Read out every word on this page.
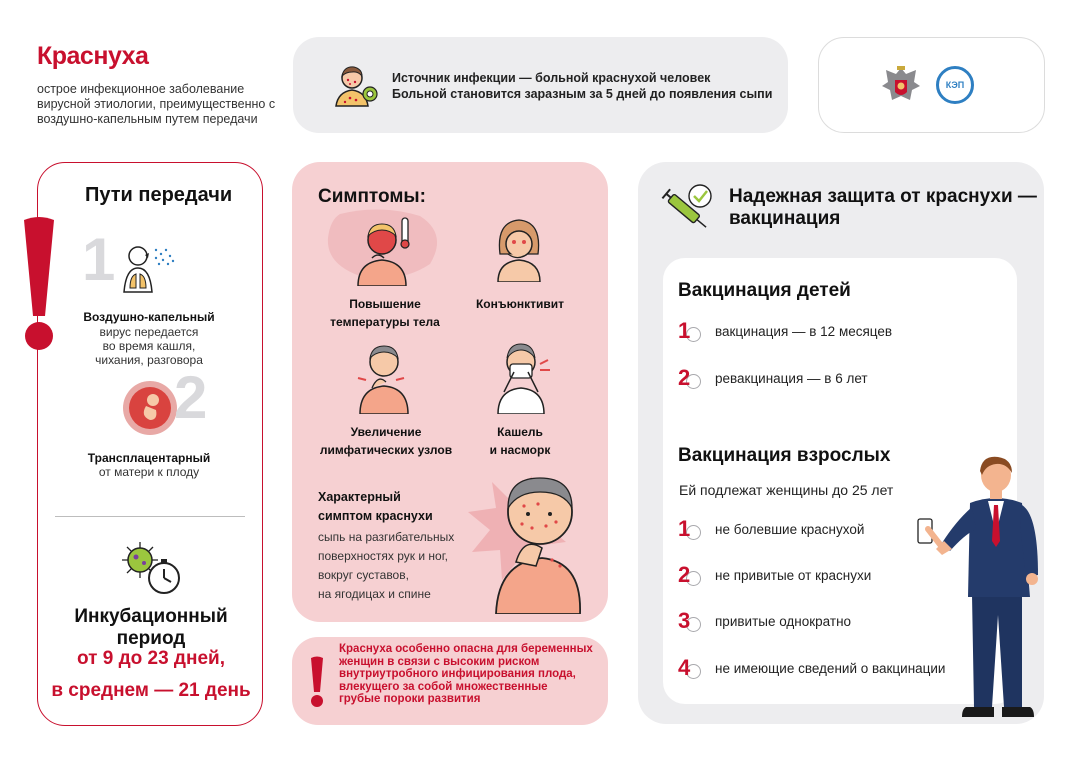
Краснуха
острое инфекционное заболевание вирусной этиологии, преимущественно с воздушно-капельным путем передачи
Источник инфекции — больной краснухой человек
Больной становится заразным за 5 дней до появления сыпи
КЭП
Пути передачи
1
Воздушно-капельный
вирус передается
во время кашля,
чихания, разговора
2
Трансплацентарный
от матери к плоду
Инкубационный период
от 9 до 23 дней,
в среднем — 21 день
Симптомы:
Повышение
температуры тела
Конъюнктивит
Увеличение
лимфатических узлов
Кашель
и насморк
Характерный
симптом краснухи
сыпь на разгибательных
поверхностях рук и ног,
вокруг суставов,
на ягодицах и спине
Краснуха особенно опасна для беременных
женщин в связи с высоким риском
внутриутробного инфицирования плода,
влекущего за собой множественные
грубые пороки развития
Надежная защита от краснухи —
вакцинация
Вакцинация детей
1 вакцинация — в 12 месяцев
2 ревакцинация — в 6 лет
Вакцинация взрослых
Ей подлежат женщины до 25 лет
1 не болевшие краснухой
2 не привитые от краснухи
3 привитые однократно
4 не имеющие сведений о вакцинации
